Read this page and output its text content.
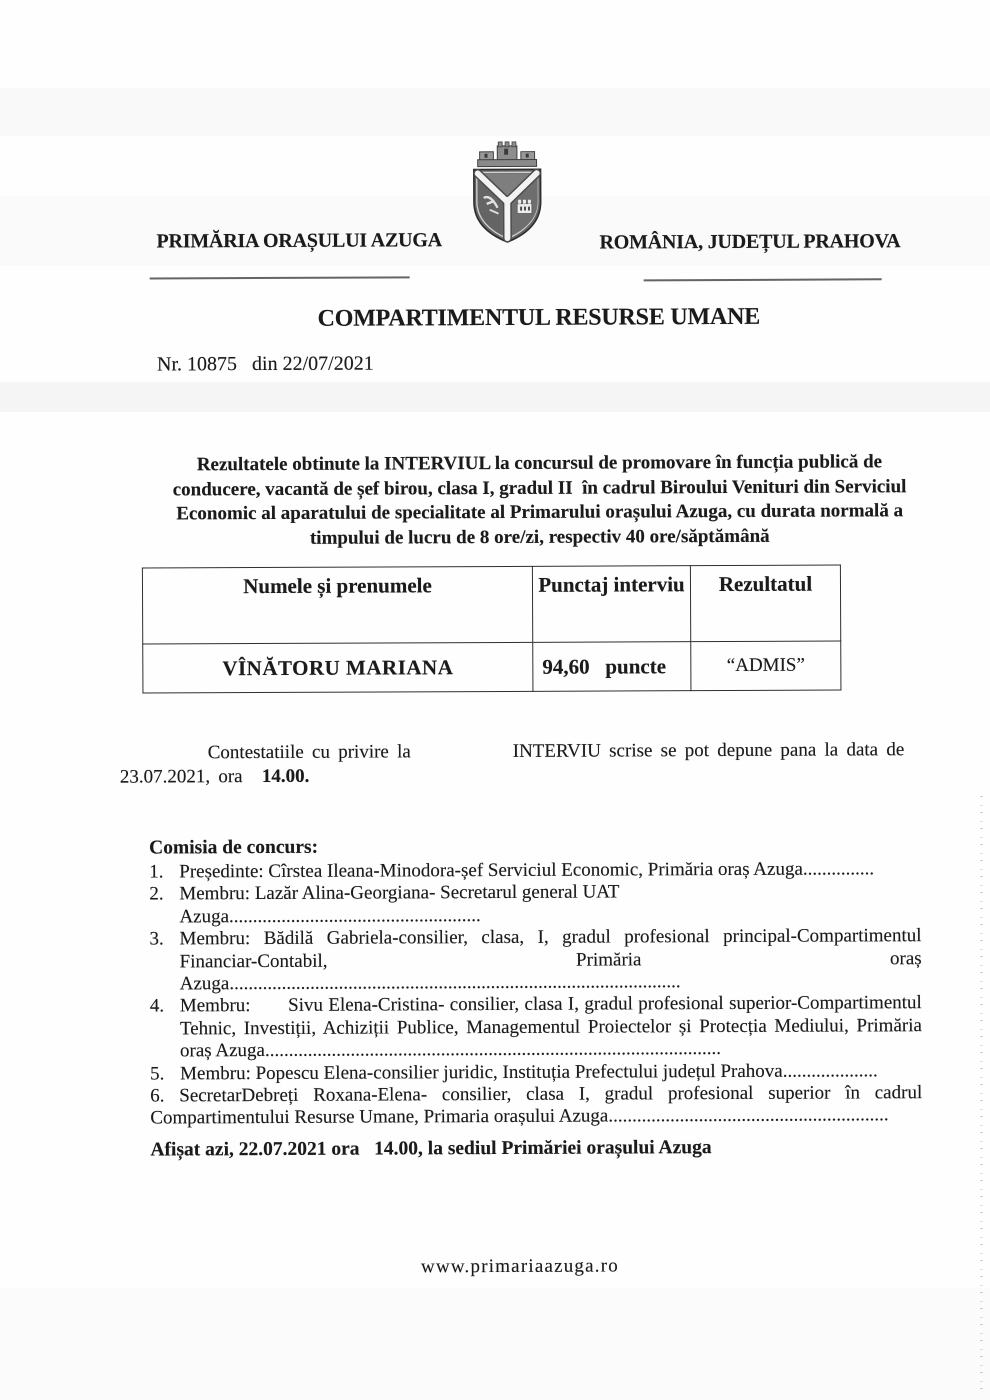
PRIMĂRIA ORAȘULUI AZUGA	ROMÂNIA, JUDEȚUL PRAHOVA
COMPARTIMENTUL RESURSE UMANE
Nr. 10875   din 22/07/2021
Rezultatele obtinute la INTERVIUL la concursul de promovare în funcția publică de conducere, vacantă de șef birou, clasa I, gradul II  în cadrul Biroului Venituri din Serviciul Economic al aparatului de specialitate al Primarului orașului Azuga, cu durata normală a timpului de lucru de 8 ore/zi, respectiv 40 ore/săptămână
Numele și prenumele	Punctaj interviu	Rezultatul
VÎNĂTORU MARIANA	94,60   puncte	“ADMIS”
Contestatiile cu privire la	INTERVIU scrise se pot depune pana la data de
23.07.2021, ora 14.00.
Comisia de concurs:
1. Președinte: Cîrstea Ileana-Minodora-șef Serviciul Economic, Primăria oraș Azuga...............
2. Membru: Lazăr Alina-Georgiana- Secretarul general UAT Azuga.....................................................
3. Membru: Bădilă Gabriela-consilier, clasa, I, gradul profesional principal-Compartimentul Financiar-Contabil, Primăria oraș Azuga...............................................................................................
4. Membru:       Sivu Elena-Cristina- consilier, clasa I, gradul profesional superior-Compartimentul Tehnic, Investiții, Achiziții Publice, Managementul Proiectelor și Protecția Mediului, Primăria oraș Azuga................................................................................................
5. Membru: Popescu Elena-consilier juridic, Instituția Prefectului județul Prahova....................
6. SecretarDebreți Roxana-Elena- consilier, clasa I, gradul profesional superior în cadrul Compartimentului Resurse Umane, Primaria orașului Azuga...........................................................
Afișat azi, 22.07.2021 ora   14.00, la sediul Primăriei orașului Azuga
www.primariaazuga.ro
